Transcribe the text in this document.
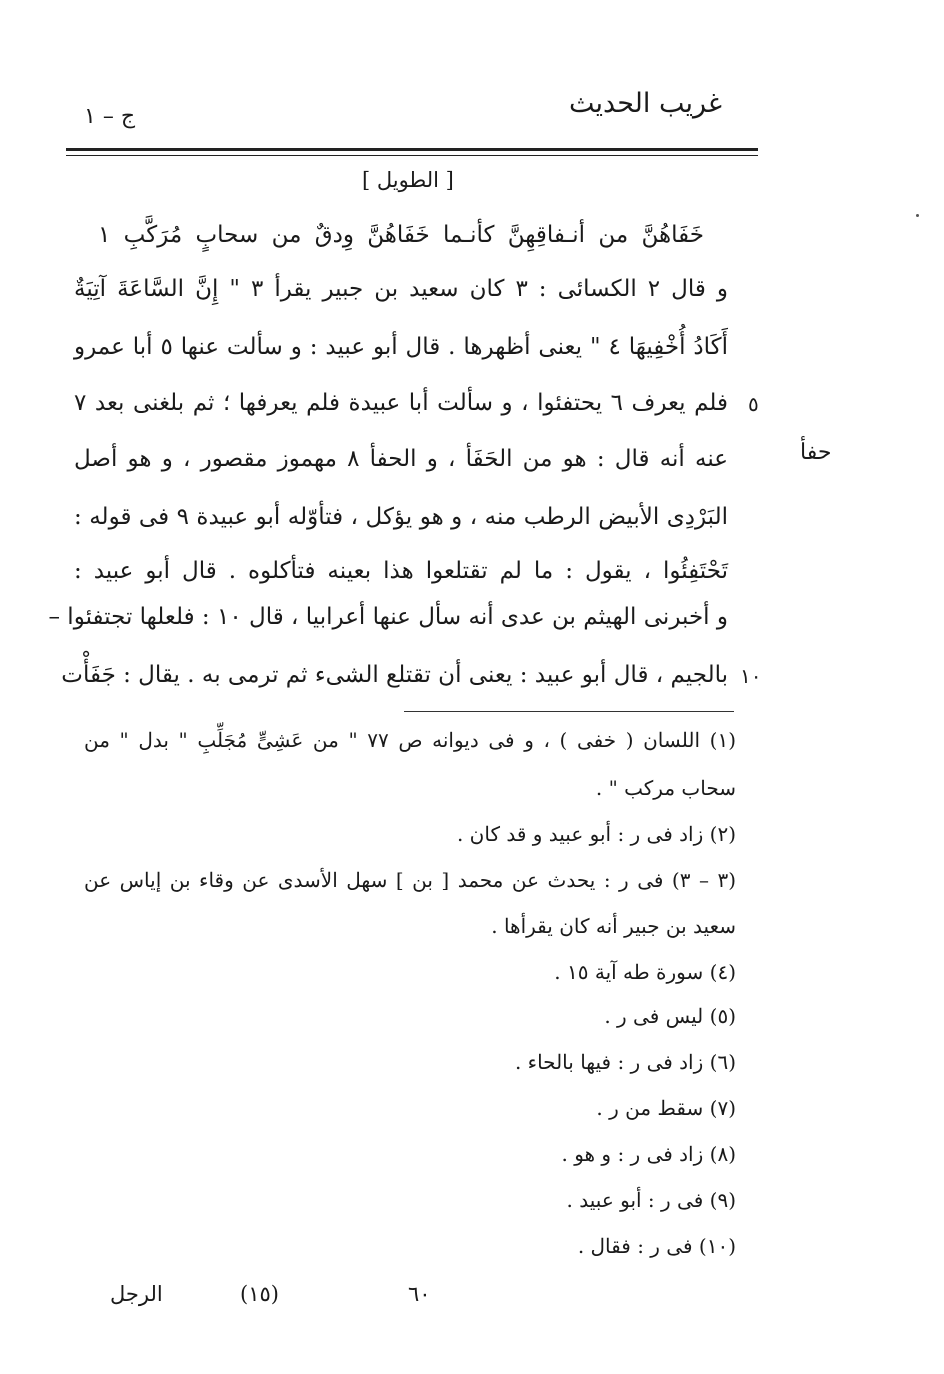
غريب الحديث
ج – ١
[ الطويل ]
خَفَاهُنَّ من أنـفاقِهِنَّ كأنـما خَفَاهُنَّ وِدقٌ من سحابٍ مُرَكَّبِ ١
و قال ٢ الكسائى : ٣ كان سعيد بن جبير يقرأ ٣ " إِنَّ السَّاعَةَ آتِيَةٌ
أَكَادُ أُخْفِيهَا ٤ " يعنى أظهرها . قال أبو عبيد : و سألت عنها ٥ أبا عمرو
فلم يعرف ٦ يحتفئوا ، و سألت أبا عبيدة فلم يعرفها ؛ ثم بلغنى بعد ٧
عنه أنه قال : هو من الحَفَأ ، و الحفأ ٨ مهموز مقصور ، و هو أصل
البَرْدِى الأبيض الرطب منه ، و هو يؤكل ، فتأوّله أبو عبيدة ٩ فى قوله :
تَحْتَفِئُوا ، يقول : ما لم تقتلعوا هذا بعينه فتأكلوه . قال أبو عبيد :
و أخبرنى الهيثم بن عدى أنه سأل عنها أعرابيا ، قال ١٠ : فلعلها تجتفئوا –
بالجيم ، قال أبو عبيد : يعنى أن تقتلع الشىء ثم ترمى به . يقال : جَفَأْت
٥
١٠
حفأ
(١) اللسان ( خفى ) ، و فى ديوانه ص ٧٧ " من عَشِىٍّ مُجَلِّبِ " بدل " من
سحاب مركب " .
(٢) زاد فى ر : أبو عبيد و قد كان .
(٣ – ٣) فى ر : يحدث عن محمد [ بن ] سهل الأسدى عن وقاء بن إياس عن
سعيد بن جبير أنه كان يقرأها .
(٤) سورة طه آية ١٥ .
(٥) ليس فى ر .
(٦) زاد فى ر : فيها بالحاء .
(٧) سقط من ر .
(٨) زاد فى ر : و هو .
(٩) فى ر : أبو عبيد .
(١٠) فى ر : فقال .
الرجل	(١٥)	٦٠
